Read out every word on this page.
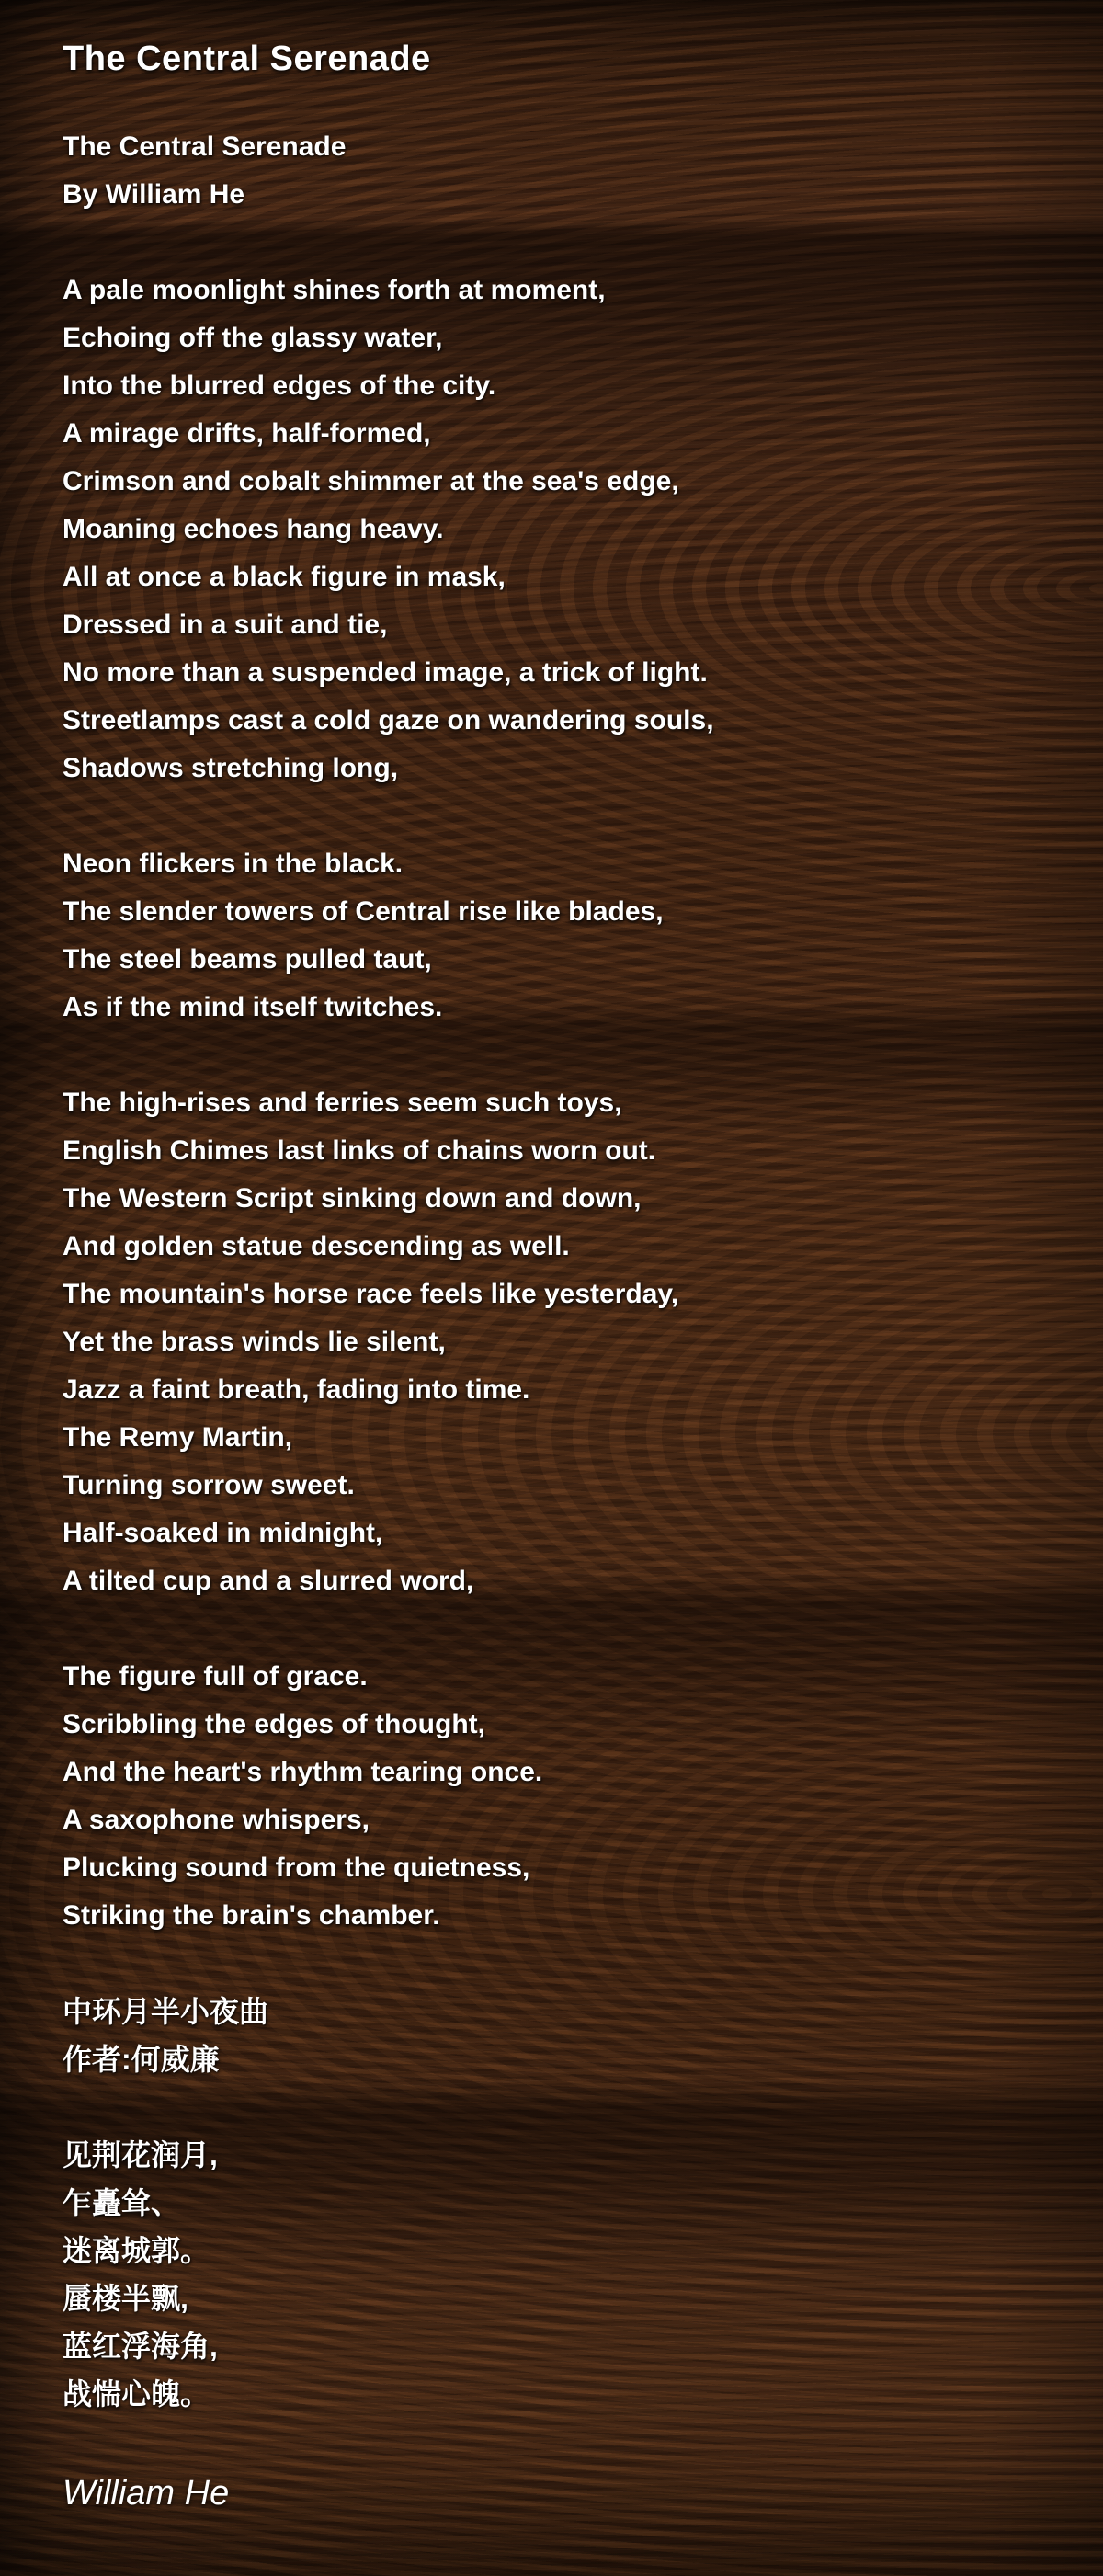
The Central Serenade
The Central Serenade
By William He
A pale moonlight shines forth at moment,
Echoing off the glassy water,
Into the blurred edges of the city.
A mirage drifts, half-formed,
Crimson and cobalt shimmer at the sea's edge,
Moaning echoes hang heavy.
All at once a black figure in mask,
Dressed in a suit and tie,
No more than a suspended image, a trick of light.
Streetlamps cast a cold gaze on wandering souls,
Shadows stretching long,
Neon flickers in the black.
The slender towers of Central rise like blades,
The steel beams pulled taut,
As if the mind itself twitches.
The high-rises and ferries seem such toys,
English Chimes last links of chains worn out.
The Western Script sinking down and down,
And golden statue descending as well.
The mountain's horse race feels like yesterday,
Yet the brass winds lie silent,
Jazz a faint breath, fading into time.
The Remy Martin,
Turning sorrow sweet.
Half-soaked in midnight,
A tilted cup and a slurred word,
The figure full of grace.
Scribbling the edges of thought,
And the heart's rhythm tearing once.
A saxophone whispers,
Plucking sound from the quietness,
Striking the brain's chamber.
中环月半小夜曲
作者:何威廉
见荆花润月,
乍矗耸、
迷离城郭。
蜃楼半飘,
蓝红浮海角,
战惴心魄。
William He
